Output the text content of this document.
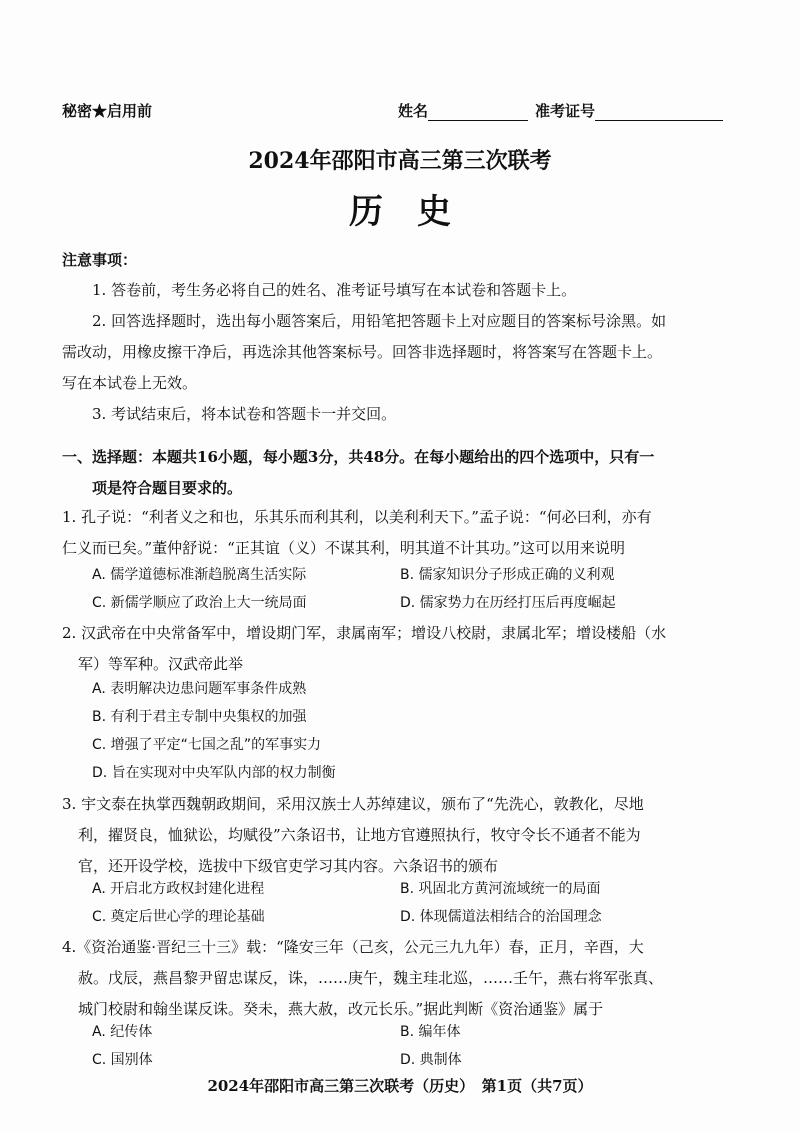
秘密★启用前	姓名	准考证号
2024年邵阳市高三第三次联考
历　史
注意事项：
1. 答卷前，考生务必将自己的姓名、准考证号填写在本试卷和答题卡上。
2. 回答选择题时，选出每小题答案后，用铅笔把答题卡上对应题目的答案标号涂黑。如
需改动，用橡皮擦干净后，再选涂其他答案标号。回答非选择题时，将答案写在答题卡上。
写在本试卷上无效。
3. 考试结束后，将本试卷和答题卡一并交回。
一、选择题：本题共16小题，每小题3分，共48分。在每小题给出的四个选项中，只有一
项是符合题目要求的。
1. 孔子说：“利者义之和也，乐其乐而利其利，以美利利天下。”孟子说：“何必曰利，亦有
仁义而已矣。”董仲舒说：“正其谊（义）不谋其利，明其道不计其功。”这可以用来说明
A. 儒学道德标准渐趋脱离生活实际	B. 儒家知识分子形成正确的义利观
C. 新儒学顺应了政治上大一统局面	D. 儒家势力在历经打压后再度崛起
2. 汉武帝在中央常备军中，增设期门军，隶属南军；增设八校尉，隶属北军；增设楼船（水
军）等军种。汉武帝此举
A. 表明解决边患问题军事条件成熟
B. 有利于君主专制中央集权的加强
C. 增强了平定“七国之乱”的军事实力
D. 旨在实现对中央军队内部的权力制衡
3. 宇文泰在执掌西魏朝政期间，采用汉族士人苏绰建议，颁布了“先洗心，敦教化，尽地
利，擢贤良，恤狱讼，均赋役”六条诏书，让地方官遵照执行，牧守令长不通者不能为
官，还开设学校，选拔中下级官吏学习其内容。六条诏书的颁布
A. 开启北方政权封建化进程	B. 巩固北方黄河流域统一的局面
C. 奠定后世心学的理论基础	D. 体现儒道法相结合的治国理念
4.《资治通鉴·晋纪三十三》载：“隆安三年（己亥，公元三九九年）春，正月，辛酉，大
赦。戊辰，燕昌黎尹留忠谋反，诛，……庚午，魏主珪北巡，……壬午，燕右将军张真、
城门校尉和翰坐谋反诛。癸未，燕大赦，改元长乐。”据此判断《资治通鉴》属于
A. 纪传体	B. 编年体
C. 国别体	D. 典制体
2024年邵阳市高三第三次联考（历史）　第1页（共7页）
